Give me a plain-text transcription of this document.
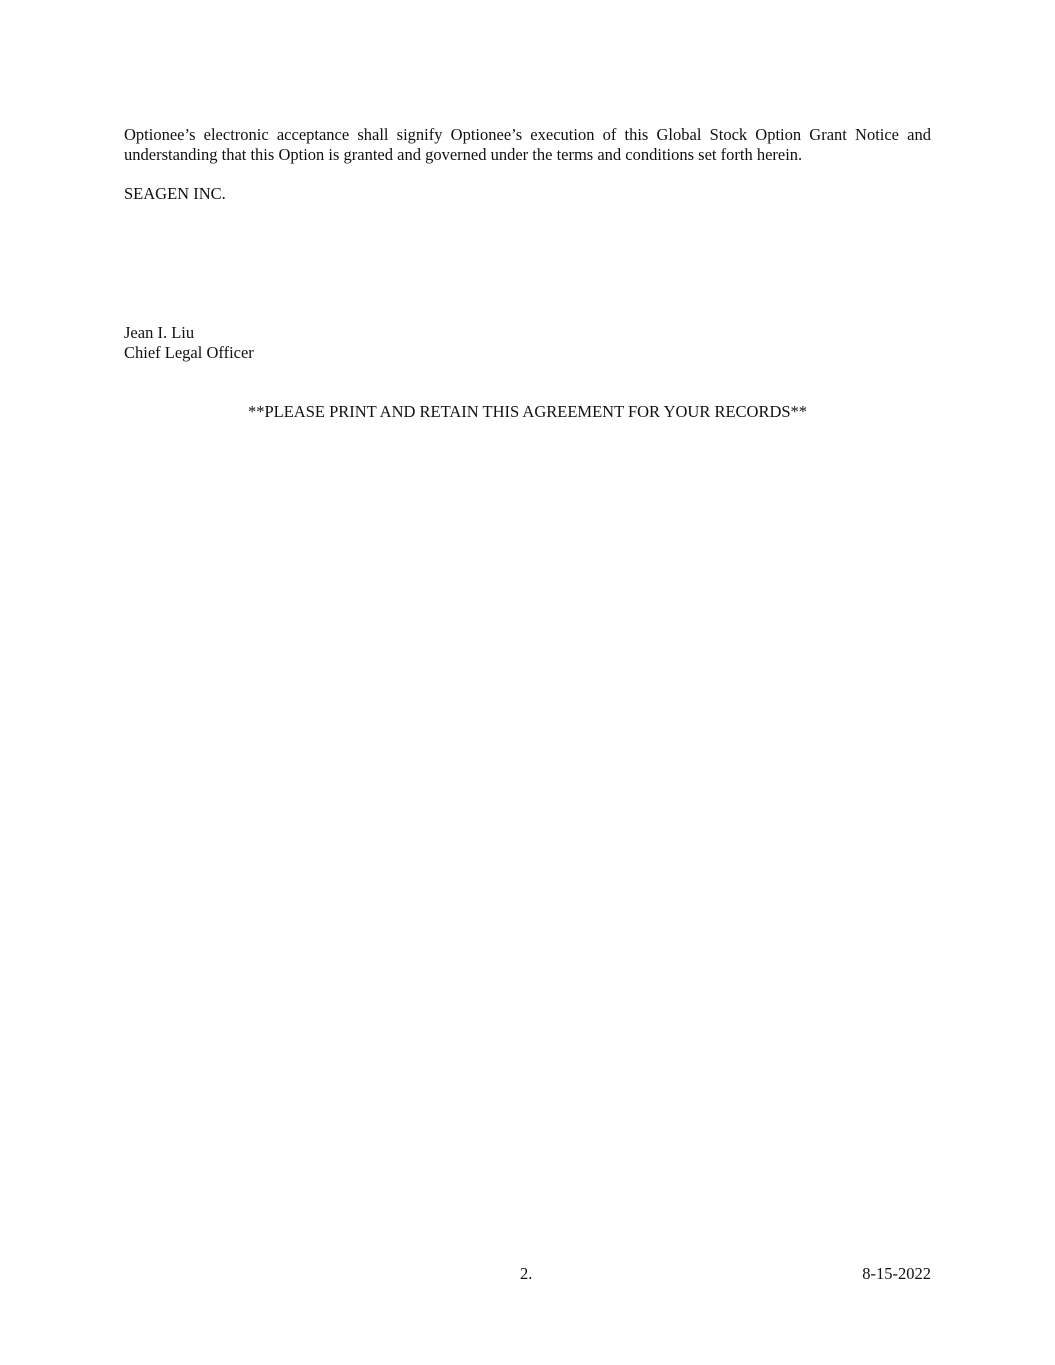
Optionee’s electronic acceptance shall signify Optionee’s execution of this Global Stock Option Grant Notice and understanding that this Option is granted and governed under the terms and conditions set forth herein.

SEAGEN INC.

Jean I. Liu

Chief Legal Officer

**PLEASE PRINT AND RETAIN THIS AGREEMENT FOR YOUR RECORDS**

2.	8-15-2022
